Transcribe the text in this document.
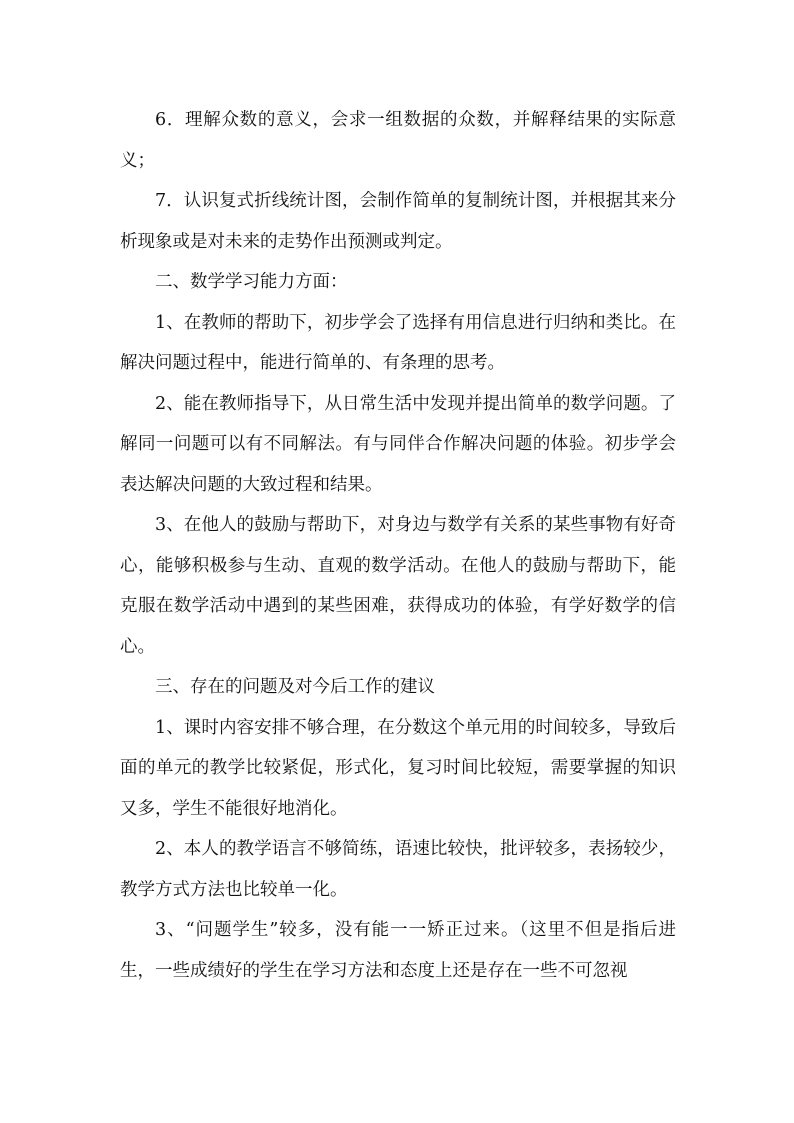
6．理解众数的意义，会求一组数据的众数，并解释结果的实际意义；

7．认识复式折线统计图，会制作简单的复制统计图，并根据其来分析现象或是对未来的走势作出预测或判定。

二、数学学习能力方面：

1、在教师的帮助下，初步学会了选择有用信息进行归纳和类比。在解决问题过程中，能进行简单的、有条理的思考。

2、能在教师指导下，从日常生活中发现并提出简单的数学问题。了解同一问题可以有不同解法。有与同伴合作解决问题的体验。初步学会表达解决问题的大致过程和结果。

3、在他人的鼓励与帮助下，对身边与数学有关系的某些事物有好奇心，能够积极参与生动、直观的数学活动。在他人的鼓励与帮助下，能克服在数学活动中遇到的某些困难，获得成功的体验，有学好数学的信心。

三、存在的问题及对今后工作的建议

1、课时内容安排不够合理，在分数这个单元用的时间较多，导致后面的单元的教学比较紧促，形式化，复习时间比较短，需要掌握的知识又多，学生不能很好地消化。

2、本人的教学语言不够简练，语速比较快，批评较多，表扬较少，教学方式方法也比较单一化。

3、“问题学生”较多，没有能一一矫正过来。（这里不但是指后进生，一些成绩好的学生在学习方法和态度上还是存在一些不可忽视
